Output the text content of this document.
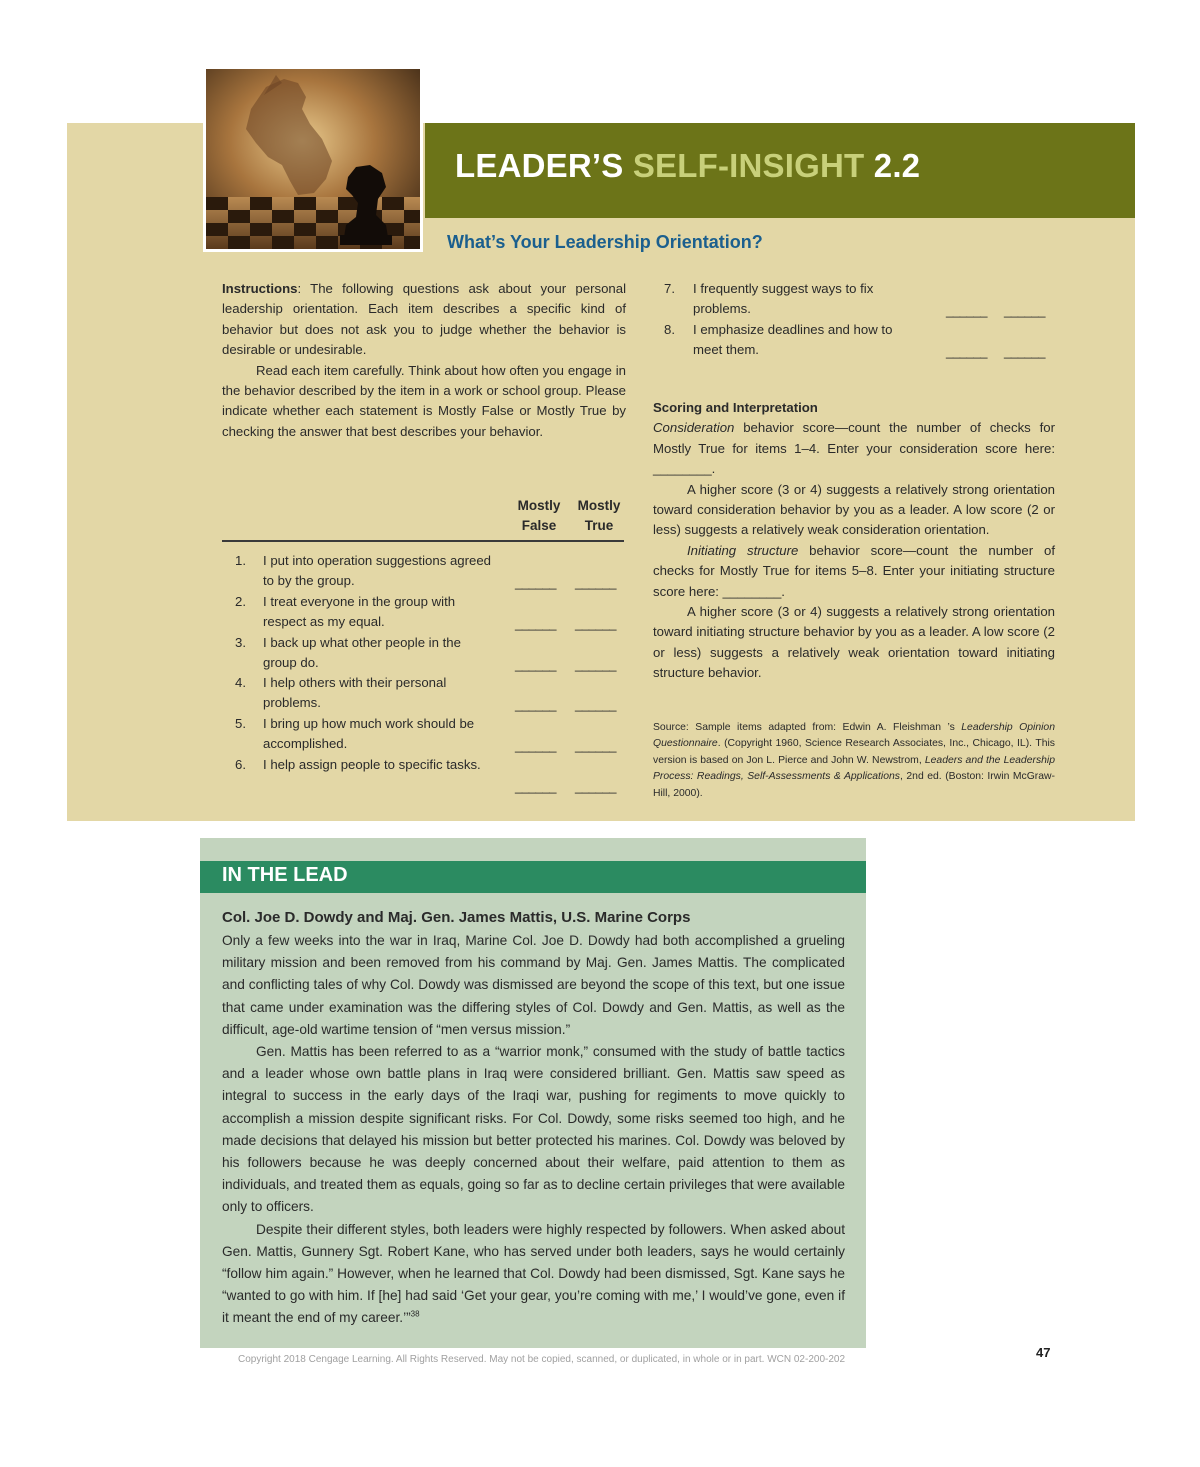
LEADER’S SELF-INSIGHT 2.2
What’s Your Leadership Orientation?

Instructions: The following questions ask about your personal leadership orientation. Each item describes a specific kind of behavior but does not ask you to judge whether the behavior is desirable or undesirable.

Read each item carefully. Think about how often you engage in the behavior described by the item in a work or school group. Please indicate whether each statement is Mostly False or Mostly True by checking the answer that best describes your behavior.

Mostly
False
Mostly
True
1. I put into operation suggestions agreed to by the group.
2. I treat everyone in the group with respect as my equal.
3. I back up what other people in the group do.
4. I help others with their personal problems.
5. I bring up how much work should be accomplished.
6. I help assign people to specific tasks.
______ ______
______ ______
______ ______
______ ______
______ ______
______ ______
7. I frequently suggest ways to fix problems.
8. I emphasize deadlines and how to meet them.
______ ______
______ ______

Scoring and Interpretation

Consideration behavior score—count the number of checks for Mostly True for items 1–4. Enter your consideration score here: ________.

A higher score (3 or 4) suggests a relatively strong orientation toward consideration behavior by you as a leader. A low score (2 or less) suggests a relatively weak consideration orientation.

Initiating structure behavior score—count the number of checks for Mostly True for items 5–8. Enter your initiating structure score here: ________.

A higher score (3 or 4) suggests a relatively strong orientation toward initiating structure behavior by you as a leader. A low score (2 or less) suggests a relatively weak orientation toward initiating structure behavior.

Source: Sample items adapted from: Edwin A. Fleishman ’s Leadership Opinion Questionnaire. (Copyright 1960, Science Research Associates, Inc., Chicago, IL). This version is based on Jon L. Pierce and John W. Newstrom, Leaders and the Leadership Process: Readings, Self-Assessments & Applications, 2nd ed. (Boston: Irwin McGraw-Hill, 2000).
IN THE LEAD

Col. Joe D. Dowdy and Maj. Gen. James Mattis, U.S. Marine Corps

Only a few weeks into the war in Iraq, Marine Col. Joe D. Dowdy had both accomplished a grueling military mission and been removed from his command by Maj. Gen. James Mattis. The complicated and conflicting tales of why Col. Dowdy was dismissed are beyond the scope of this text, but one issue that came under examination was the differing styles of Col. Dowdy and Gen. Mattis, as well as the difficult, age-old wartime tension of “men versus mission.”

Gen. Mattis has been referred to as a “warrior monk,” consumed with the study of battle tactics and a leader whose own battle plans in Iraq were considered brilliant. Gen. Mattis saw speed as integral to success in the early days of the Iraqi war, pushing for regiments to move quickly to accomplish a mission despite significant risks. For Col. Dowdy, some risks seemed too high, and he made decisions that delayed his mission but better protected his marines. Col. Dowdy was beloved by his followers because he was deeply concerned about their welfare, paid attention to them as individuals, and treated them as equals, going so far as to decline certain privileges that were available only to officers.

Despite their different styles, both leaders were highly respected by followers. When asked about Gen. Mattis, Gunnery Sgt. Robert Kane, who has served under both leaders, says he would certainly “follow him again.” However, when he learned that Col. Dowdy had been dismissed, Sgt. Kane says he “wanted to go with him. If [he] had said ‘Get your gear, you’re coming with me,’ I would’ve gone, even if it meant the end of my career.’”$^{38}$

Copyright 2018 Cengage Learning. All Rights Reserved. May not be copied, scanned, or duplicated, in whole or in part. WCN 02-200-202	47
